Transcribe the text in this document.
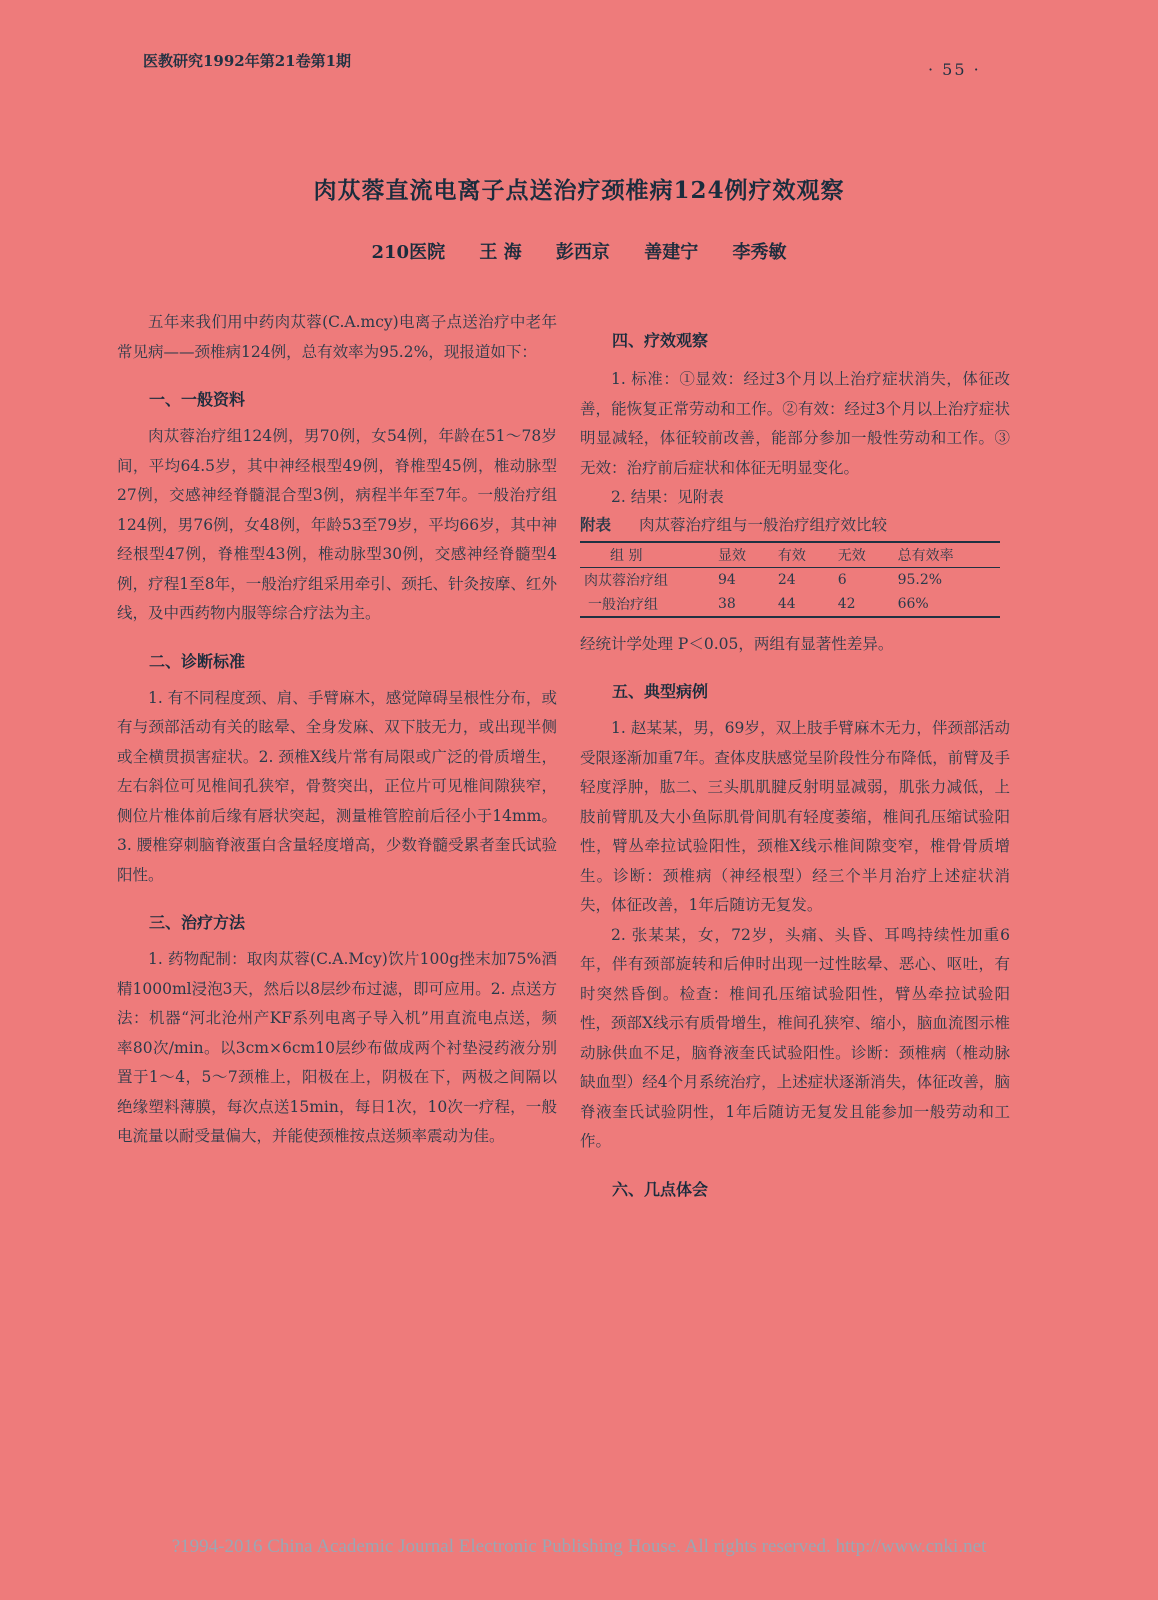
医教研究1992年第21卷第1期	· 55 ·
肉苁蓉直流电离子点送治疗颈椎病124例疗效观察
210医院 王 海 彭西京 善建宁 李秀敏

五年来我们用中药肉苁蓉(C.A.mcy)电离子点送治疗中老年常见病——颈椎病124例，总有效率为95.2%，现报道如下：

一、一般资料

肉苁蓉治疗组124例，男70例，女54例，年龄在51～78岁间，平均64.5岁，其中神经根型49例，脊椎型45例，椎动脉型27例，交感神经脊髓混合型3例，病程半年至7年。一般治疗组124例，男76例，女48例，年龄53至79岁，平均66岁，其中神经根型47例，脊椎型43例，椎动脉型30例，交感神经脊髓型4例，疗程1至8年，一般治疗组采用牵引、颈托、针灸按摩、红外线，及中西药物内服等综合疗法为主。

二、诊断标准

1. 有不同程度颈、肩、手臂麻木，感觉障碍呈根性分布，或有与颈部活动有关的眩晕、全身发麻、双下肢无力，或出现半侧或全横贯损害症状。2. 颈椎X线片常有局限或广泛的骨质增生，左右斜位可见椎间孔狭窄，骨赘突出，正位片可见椎间隙狭窄，侧位片椎体前后缘有唇状突起，测量椎管腔前后径小于14mm。3. 腰椎穿刺脑脊液蛋白含量轻度增高，少数脊髓受累者奎氏试验阳性。

三、治疗方法

1. 药物配制：取肉苁蓉(C.A.Mcy)饮片100g挫末加75%酒精1000ml浸泡3天，然后以8层纱布过滤，即可应用。2. 点送方法：机器“河北沧州产KF系列电离子导入机”用直流电点送，频率80次/min。以3cm×6cm10层纱布做成两个衬垫浸药液分别置于1～4，5～7颈椎上，阳极在上，阴极在下，两极之间隔以绝缘塑料薄膜，每次点送15min，每日1次，10次一疗程，一般电流量以耐受量偏大，并能使颈椎按点送频率震动为佳。

四、疗效观察

1. 标准：①显效：经过3个月以上治疗症状消失，体征改善，能恢复正常劳动和工作。②有效：经过3个月以上治疗症状明显减轻，体征较前改善，能部分参加一般性劳动和工作。③无效：治疗前后症状和体征无明显变化。

2. 结果：见附表

附表 肉苁蓉治疗组与一般治疗组疗效比较

组 别	显效	有效	无效	总有效率
肉苁蓉治疗组	94	24	6	95.2%
一般治疗组	38	44	42	66%

经统计学处理 P＜0.05，两组有显著性差异。

五、典型病例

1. 赵某某，男，69岁，双上肢手臂麻木无力，伴颈部活动受限逐渐加重7年。查体皮肤感觉呈阶段性分布降低，前臂及手轻度浮肿，肱二、三头肌肌腱反射明显减弱，肌张力减低，上肢前臂肌及大小鱼际肌骨间肌有轻度萎缩，椎间孔压缩试验阳性，臂丛牵拉试验阳性，颈椎X线示椎间隙变窄，椎骨骨质增生。诊断：颈椎病（神经根型）经三个半月治疗上述症状消失，体征改善，1年后随访无复发。

2. 张某某，女，72岁，头痛、头昏、耳鸣持续性加重6年，伴有颈部旋转和后伸时出现一过性眩晕、恶心、呕吐，有时突然昏倒。检查：椎间孔压缩试验阳性，臂丛牵拉试验阳性，颈部X线示有质骨增生，椎间孔狭窄、缩小，脑血流图示椎动脉供血不足，脑脊液奎氏试验阳性。诊断：颈椎病（椎动脉缺血型）经4个月系统治疗，上述症状逐渐消失，体征改善，脑脊液奎氏试验阴性，1年后随访无复发且能参加一般劳动和工作。

六、几点体会

?1994-2016 China Academic Journal Electronic Publishing House. All rights reserved. http://www.cnki.net
